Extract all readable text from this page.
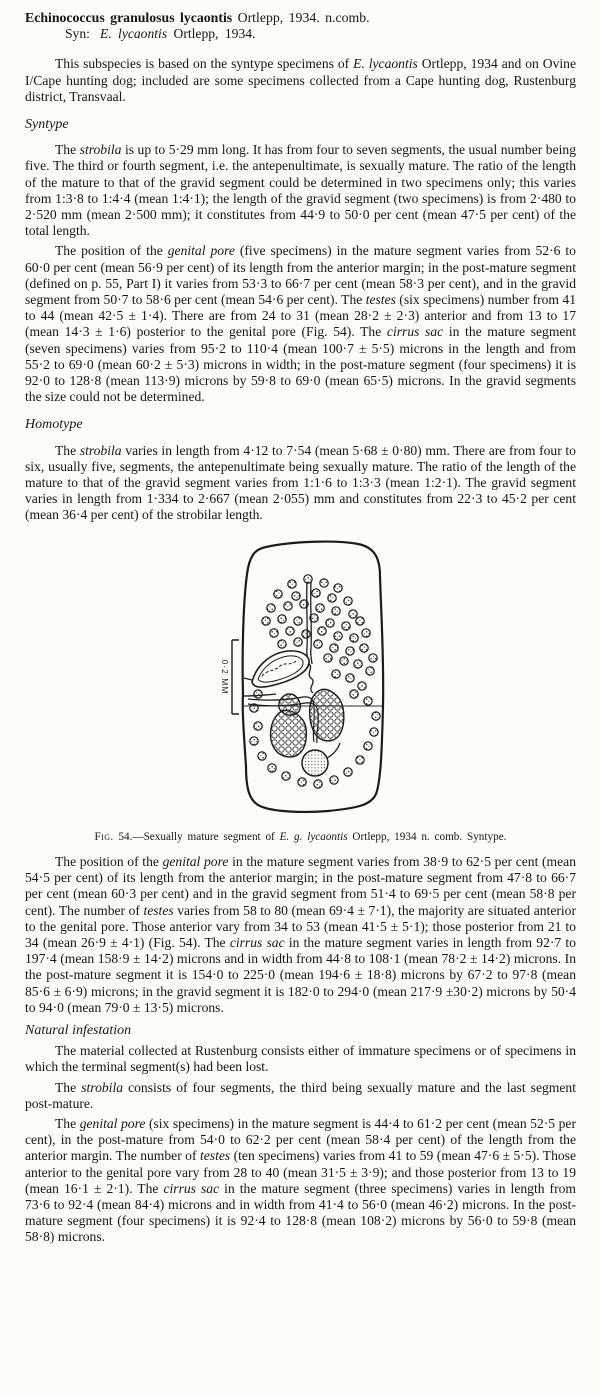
Echinococcus granulosus lycaontis Ortlepp, 1934. n.comb.
Syn: E. lycaontis Ortlepp, 1934.

This subspecies is based on the syntype specimens of E. lycaontis Ortlepp, 1934 and on Ovine I/Cape hunting dog; included are some specimens collected from a Cape hunting dog, Rustenburg district, Transvaal.

Syntype

The strobila is up to 5·29 mm long. It has from four to seven segments, the usual number being five. The third or fourth segment, i.e. the antepenultimate, is sexually mature. The ratio of the length of the mature to that of the gravid segment could be determined in two specimens only; this varies from 1:3·8 to 1:4·4 (mean 1:4·1); the length of the gravid segment (two specimens) is from 2·480 to 2·520 mm (mean 2·500 mm); it constitutes from 44·9 to 50·0 per cent (mean 47·5 per cent) of the total length.

The position of the genital pore (five specimens) in the mature segment varies from 52·6 to 60·0 per cent (mean 56·9 per cent) of its length from the anterior margin; in the post-mature segment (defined on p. 55, Part I) it varies from 53·3 to 66·7 per cent (mean 58·3 per cent), and in the gravid segment from 50·7 to 58·6 per cent (mean 54·6 per cent). The testes (six specimens) number from 41 to 44 (mean 42·5 ± 1·4). There are from 24 to 31 (mean 28·2 ± 2·3) anterior and from 13 to 17 (mean 14·3 ± 1·6) posterior to the genital pore (Fig. 54). The cirrus sac in the mature segment (seven specimens) varies from 95·2 to 110·4 (mean 100·7 ± 5·5) microns in the length and from 55·2 to 69·0 (mean 60·2 ± 5·3) microns in width; in the post-mature segment (four specimens) it is 92·0 to 128·8 (mean 113·9) microns by 59·8 to 69·0 (mean 65·5) microns. In the gravid segments the size could not be determined.

Homotype

The strobila varies in length from 4·12 to 7·54 (mean 5·68 ± 0·80) mm. There are from four to six, usually five, segments, the antepenultimate being sexually mature. The ratio of the length of the mature to that of the gravid segment varies from 1:1·6 to 1:3·3 (mean 1:2·1). The gravid segment varies in length from 1·334 to 2·667 (mean 2·055) mm and constitutes from 22·3 to 45·2 per cent (mean 36·4 per cent) of the strobilar length.

0·2 MM

Fig. 54.—Sexually mature segment of E. g. lycaontis Ortlepp, 1934 n. comb. Syntype.

The position of the genital pore in the mature segment varies from 38·9 to 62·5 per cent (mean 54·5 per cent) of its length from the anterior margin; in the post-mature segment from 47·8 to 66·7 per cent (mean 60·3 per cent) and in the gravid segment from 51·4 to 69·5 per cent (mean 58·8 per cent). The number of testes varies from 58 to 80 (mean 69·4 ± 7·1), the majority are situated anterior to the genital pore. Those anterior vary from 34 to 53 (mean 41·5 ± 5·1); those posterior from 21 to 34 (mean 26·9 ± 4·1) (Fig. 54). The cirrus sac in the mature segment varies in length from 92·7 to 197·4 (mean 158·9 ± 14·2) microns and in width from 44·8 to 108·1 (mean 78·2 ± 14·2) microns. In the post-mature segment it is 154·0 to 225·0 (mean 194·6 ± 18·8) microns by 67·2 to 97·8 (mean 85·6 ± 6·9) microns; in the gravid segment it is 182·0 to 294·0 (mean 217·9 ±30·2) microns by 50·4 to 94·0 (mean 79·0 ± 13·5) microns.

Natural infestation

The material collected at Rustenburg consists either of immature specimens or of specimens in which the terminal segment(s) had been lost.

The strobila consists of four segments, the third being sexually mature and the last segment post-mature.

The genital pore (six specimens) in the mature segment is 44·4 to 61·2 per cent (mean 52·5 per cent), in the post-mature from 54·0 to 62·2 per cent (mean 58·4 per cent) of the length from the anterior margin. The number of testes (ten specimens) varies from 41 to 59 (mean 47·6 ± 5·5). Those anterior to the genital pore vary from 28 to 40 (mean 31·5 ± 3·9); and those posterior from 13 to 19 (mean 16·1 ± 2·1). The cirrus sac in the mature segment (three specimens) varies in length from 73·6 to 92·4 (mean 84·4) microns and in width from 41·4 to 56·0 (mean 46·2) microns. In the post-mature segment (four specimens) it is 92·4 to 128·8 (mean 108·2) microns by 56·0 to 59·8 (mean 58·8) microns.
